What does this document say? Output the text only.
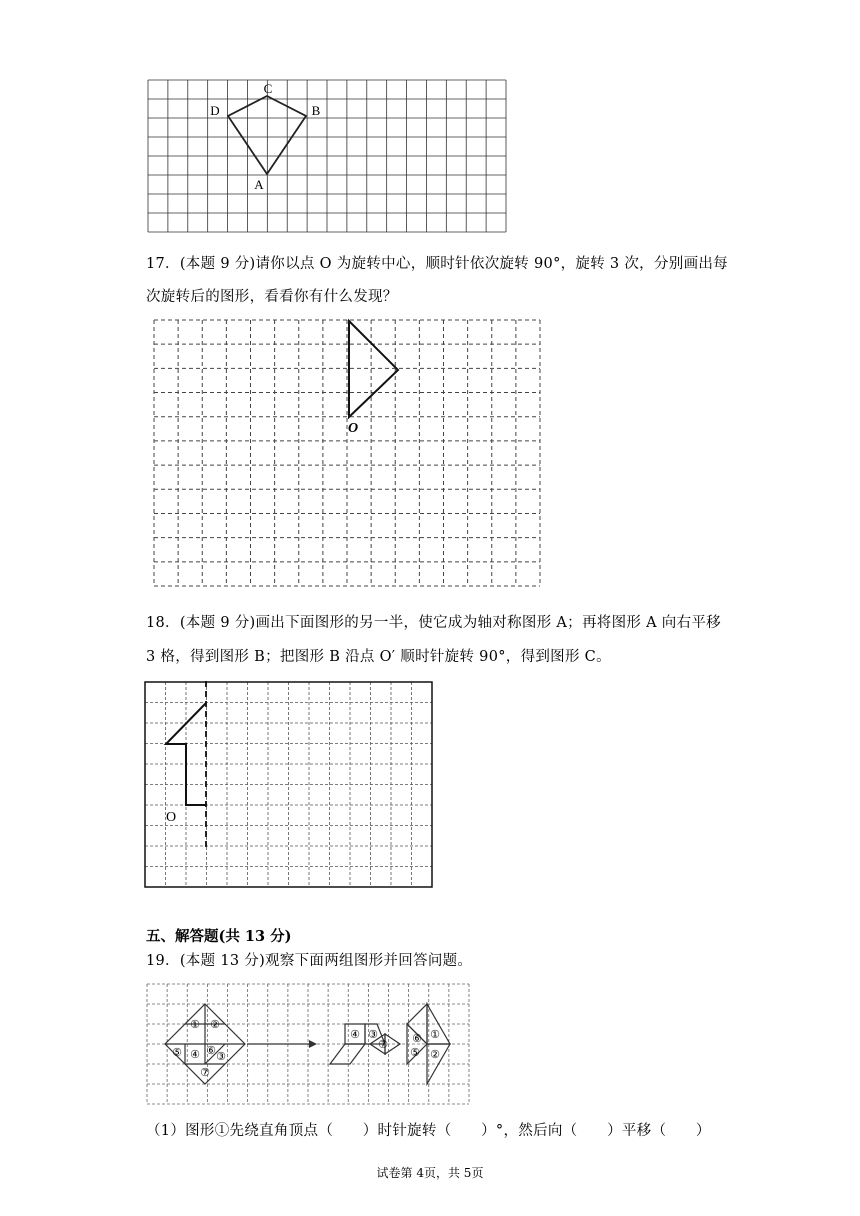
C
B
D
A
17．(本题 9 分)请你以点 O 为旋转中心，顺时针依次旋转 90°，旋转 3 次，分别画出每
次旋转后的图形，看看你有什么发现？
O
18．(本题 9 分)画出下面图形的另一半，使它成为轴对称图形 A；再将图形 A 向右平移
3 格，得到图形 B；把图形 B 沿点 O′ 顺时针旋转 90°，得到图形 C。
O
五、解答题(共 13 分)
19．(本题 13 分)观察下面两组图形并回答问题。
① ②
⑤ ④ ⑥ ③
⑦
④ ③
⑦ ⑥
⑤
①
②
（1）图形①先绕直角顶点（　　）时针旋转（　　）°，然后向（　　）平移（　　）
试卷第 4页，共 5页
